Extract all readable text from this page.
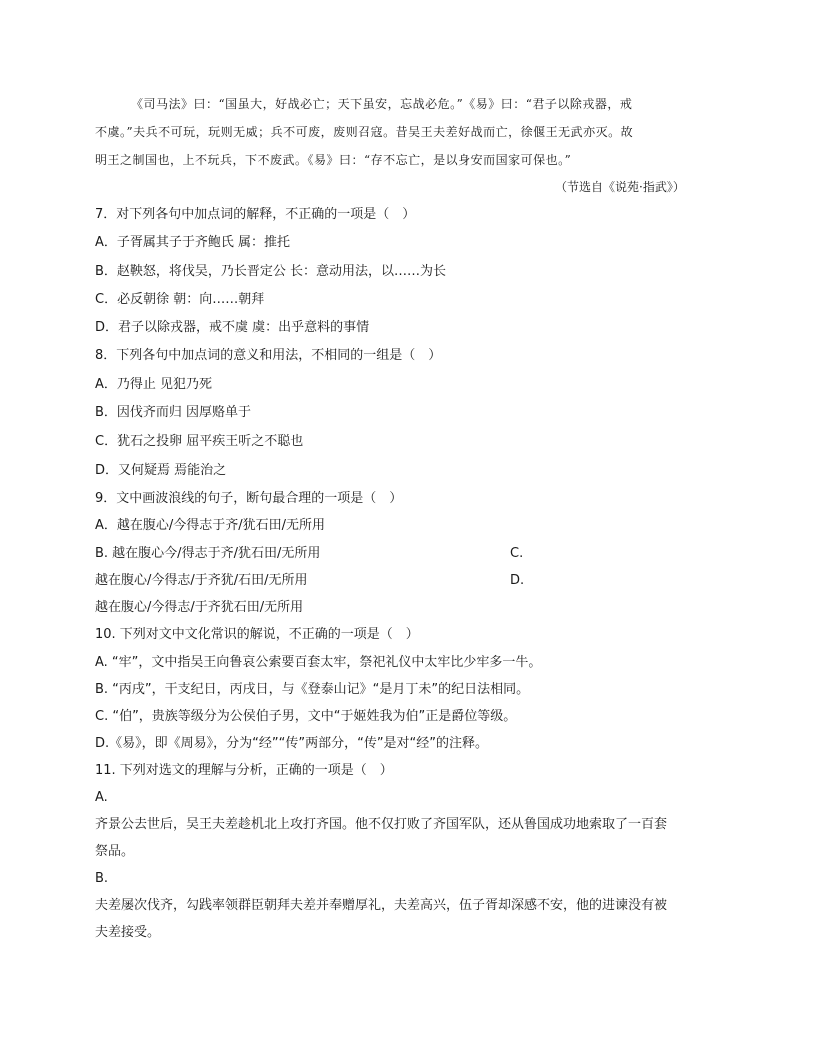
《司马法》曰：“国虽大，好战必亡；天下虽安，忘战必危。”《易》曰：“君子以除戎器，戒
不虞。”夫兵不可玩，玩则无威；兵不可废，废则召寇。昔吴王夫差好战而亡，徐偃王无武亦灭。故
明王之制国也，上不玩兵，下不废武。《易》曰：“存不忘亡，是以身安而国家可保也。”
（节选自《说苑·指武》）
7．对下列各句中加点词的解释，不正确的一项是（　）
A．子胥属其子于齐鲍氏 属：推托
B．赵鞅怒，将伐吴，乃长晋定公 长：意动用法，以……为长
C．必反朝徐 朝：向……朝拜
D．君子以除戎器，戒不虞 虞：出乎意料的事情
8．下列各句中加点词的意义和用法，不相同的一组是（　）
A．乃得止 见犯乃死
B．因伐齐而归 因厚赂单于
C．犹石之投卵 屈平疾王听之不聪也
D．又何疑焉 焉能治之
9．文中画波浪线的句子，断句最合理的一项是（　）
A．越在腹心/今得志于齐/犹石田/无所用
B. 越在腹心今/得志于齐/犹石田/无所用	C.
越在腹心/今得志/于齐犹/石田/无所用	D.
越在腹心/今得志/于齐犹石田/无所用
10. 下列对文中文化常识的解说，不正确的一项是（　）
A. “牢”，文中指吴王向鲁哀公索要百套太牢，祭祀礼仪中太牢比少牢多一牛。
B. “丙戌”，干支纪日，丙戌日，与《登泰山记》“是月丁未”的纪日法相同。
C. “伯”，贵族等级分为公侯伯子男，文中“于姬姓我为伯”正是爵位等级。
D.《易》，即《周易》，分为“经”“传”两部分，“传”是对“经”的注释。
11. 下列对选文的理解与分析，正确的一项是（　）
A.
齐景公去世后，吴王夫差趁机北上攻打齐国。他不仅打败了齐国军队，还从鲁国成功地索取了一百套
祭品。
B.
夫差屡次伐齐，勾践率领群臣朝拜夫差并奉赠厚礼，夫差高兴，伍子胥却深感不安，他的进谏没有被
夫差接受。
